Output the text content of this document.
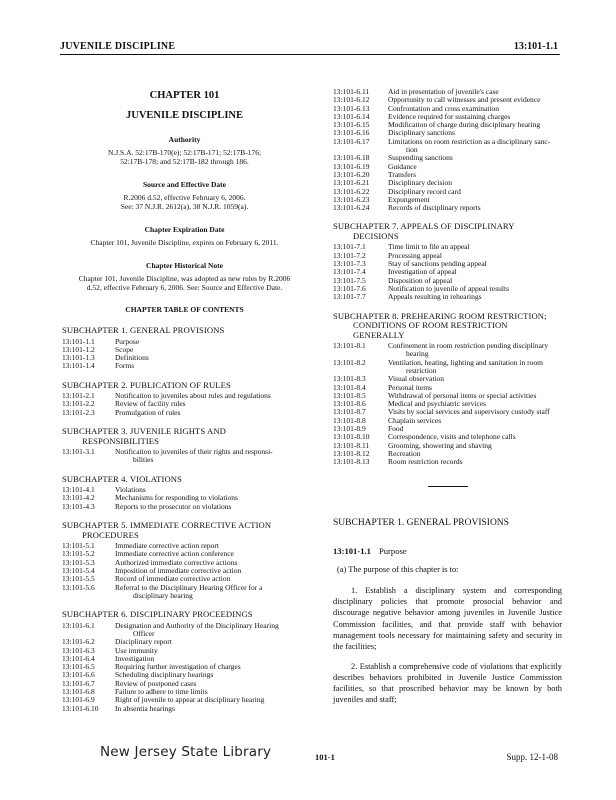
JUVENILE DISCIPLINE	13:101-1.1
CHAPTER 101
JUVENILE DISCIPLINE
Authority
N.J.S.A. 52:17B-170(e); 52:17B-171; 52:17B-176;
52:17B-178; and 52:17B-182 through 186.
Source and Effective Date
R.2006 d.52, effective February 6, 2006.
See: 37 N.J.R. 2612(a), 38 N.J.R. 1059(a).
Chapter Expiration Date
Chapter 101, Juvenile Discipline, expires on February 6, 2011.
Chapter Historical Note
Chapter 101, Juvenile Discipline, was adopted as new rules by R.2006
d.52, effective February 6, 2006. See: Source and Effective Date.
CHAPTER TABLE OF CONTENTS
SUBCHAPTER 1. GENERAL PROVISIONS
13:101-1.1	Purpose
13:101-1.2	Scope
13:101-1.3	Definitions
13:101-1.4	Forms
SUBCHAPTER 2. PUBLICATION OF RULES
13:101-2.1	Notification to juveniles about rules and regulations
13:101-2.2	Review of facility rules
13:101-2.3	Promulgation of rules
SUBCHAPTER 3. JUVENILE RIGHTS AND
RESPONSIBILITIES
13:101-3.1	Notification to juveniles of their rights and responsi-
bilities
SUBCHAPTER 4. VIOLATIONS
13:101-4.1	Violations
13:101-4.2	Mechanisms for responding to violations
13:101-4.3	Reports to the prosecutor on violations
SUBCHAPTER 5. IMMEDIATE CORRECTIVE ACTION
PROCEDURES
13:101-5.1	Immediate corrective action report
13:101-5.2	Immediate corrective action conference
13:101-5.3	Authorized immediate corrective actions
13:101-5.4	Imposition of immediate corrective action
13:101-5.5	Record of immediate corrective action
13:101-5.6	Referral to the Disciplinary Hearing Officer for a
disciplinary hearing
SUBCHAPTER 6. DISCIPLINARY PROCEEDINGS
13:101-6.1	Designation and Authority of the Disciplinary Hearing
Officer
13:101-6.2	Disciplinary report
13:101-6.3	Use immunity
13:101-6.4	Investigation
13:101-6.5	Requiring further investigation of charges
13:101-6.6	Scheduling disciplinary hearings
13:101-6.7	Review of postponed cases
13:101-6.8	Failure to adhere to time limits
13:101-6.9	Right of juvenile to appear at disciplinary hearing
13:101-6.10	In absentia hearings
13:101-6.11	Aid in presentation of juvenile's case
13:101-6.12	Opportunity to call witnesses and present evidence
13:101-6.13	Confrontation and cross examination
13:101-6.14	Evidence required for sustaining charges
13:101-6.15	Modification of charge during disciplinary hearing
13:101-6.16	Disciplinary sanctions
13:101-6.17	Limitations on room restriction as a disciplinary sanc-
tion
13:101-6.18	Suspending sanctions
13:101-6.19	Guidance
13:101-6.20	Transfers
13:101-6.21	Disciplinary decision
13:101-6.22	Disciplinary record card
13:101-6.23	Expungement
13:101-6.24	Records of disciplinary reports
SUBCHAPTER 7. APPEALS OF DISCIPLINARY
DECISIONS
13:101-7.1	Time limit to file an appeal
13:101-7.2	Processing appeal
13:101-7.3	Stay of sanctions pending appeal
13:101-7.4	Investigation of appeal
13:101-7.5	Disposition of appeal
13:101-7.6	Notification to juvenile of appeal results
13:101-7.7	Appeals resulting in rehearings
SUBCHAPTER 8. PREHEARING ROOM RESTRICTION;
CONDITIONS OF ROOM RESTRICTION
GENERALLY
13:101-8.1	Confinement in room restriction pending disciplinary
hearing
13:101-8.2	Ventilation, heating, lighting and sanitation in room
restriction
13:101-8.3	Visual observation
13:101-8.4	Personal items
13:101-8.5	Withdrawal of personal items or special activities
13:101-8.6	Medical and psychiatric services
13:101-8.7	Visits by social services and supervisory custody staff
13:101-8.8	Chaplain services
13:101-8.9	Food
13:101-8.10	Correspondence, visits and telephone calls
13:101-8.11	Grooming, showering and shaving
13:101-8.12	Recreation
13:101-8.13	Room restriction records
SUBCHAPTER 1. GENERAL PROVISIONS
13:101-1.1 Purpose
(a) The purpose of this chapter is to:
1. Establish a disciplinary system and corresponding disciplinary policies that promote prosocial behavior and discourage negative behavior among juveniles in Juvenile Justice Commission facilities, and that provide staff with behavior management tools necessary for maintaining safety and security in the facilities;
2. Establish a comprehensive code of violations that explicitly describes behaviors prohibited in Juvenile Justice Commission facilities, so that proscribed behavior may be known by both juveniles and staff;
New Jersey State Library	101-1	Supp. 12-1-08
